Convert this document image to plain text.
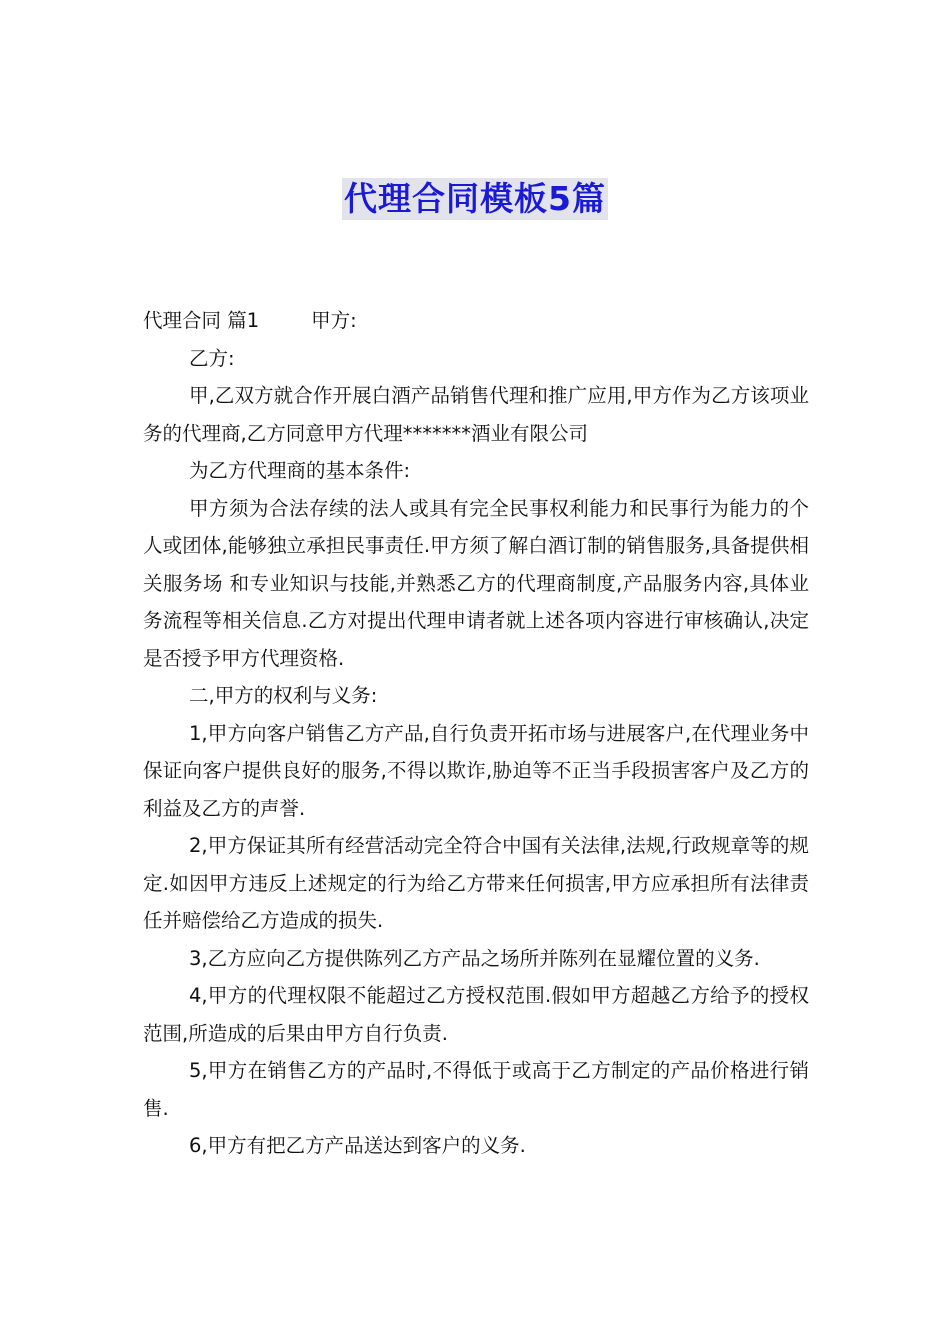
代理合同模板5篇

代理合同 篇1	甲方:

乙方:

甲,乙双方就合作开展白酒产品销售代理和推广应用,甲方作为乙方该项业务的代理商,乙方同意甲方代理*******酒业有限公司

为乙方代理商的基本条件:

甲方须为合法存续的法人或具有完全民事权利能力和民事行为能力的个人或团体,能够独立承担民事责任.甲方须了解白酒订制的销售服务,具备提供相 关服务场 和专业知识与技能,并熟悉乙方的代理商制度,产品服务内容,具体业务流程等相关信息.乙方对提出代理申请者就上述各项内容进行审核确认,决定是否授予甲方代理资格.

二,甲方的权利与义务:

1,甲方向客户销售乙方产品,自行负责开拓市场与进展客户,在代理业务中保证向客户提供良好的服务,不得以欺诈,胁迫等不正当手段损害客户及乙方的利益及乙方的声誉.

2,甲方保证其所有经营活动完全符合中国有关法律,法规,行政规章等的规定.如因甲方违反上述规定的行为给乙方带来任何损害,甲方应承担所有法律责任并赔偿给乙方造成的损失.

3,乙方应向乙方提供陈列乙方产品之场所并陈列在显耀位置的义务.

4,甲方的代理权限不能超过乙方授权范围.假如甲方超越乙方给予的授权范围,所造成的后果由甲方自行负责.

5,甲方在销售乙方的产品时,不得低于或高于乙方制定的产品价格进行销售.

6,甲方有把乙方产品送达到客户的义务.
